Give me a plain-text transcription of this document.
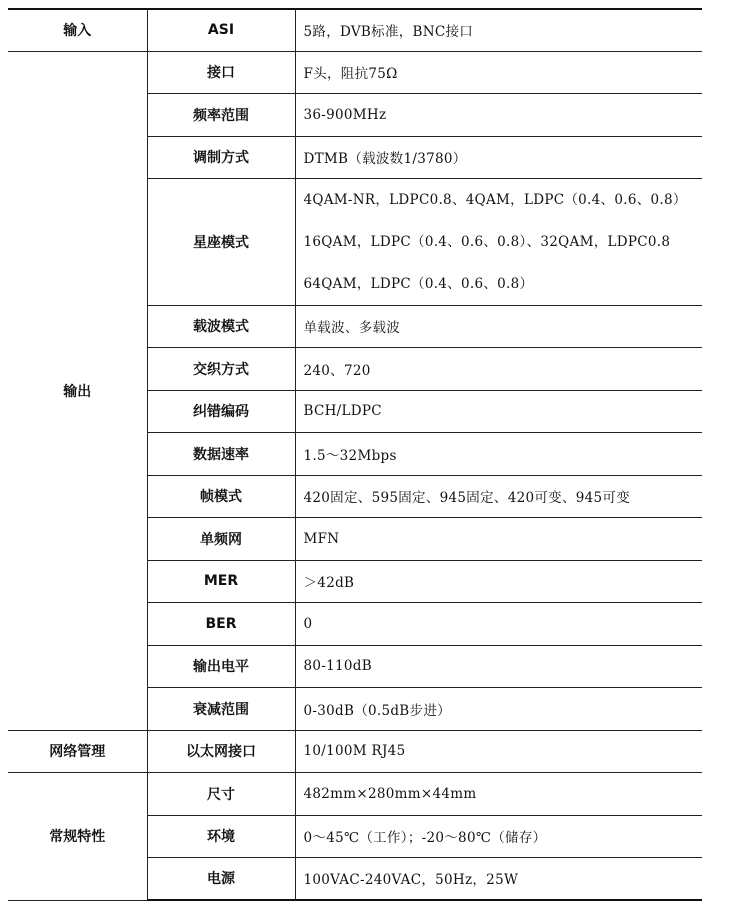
输入	ASI	5路，DVB标准，BNC接口
输出	接口	F头，阻抗75Ω
	频率范围	36-900MHz
	调制方式	DTMB（载波数1/3780）
	星座模式	4QAM-NR，LDPC0.8、4QAM，LDPC（0.4、0.6、0.8）
16QAM，LDPC（0.4、0.6、0.8）、32QAM，LDPC0.8
64QAM，LDPC（0.4、0.6、0.8）

	载波模式	单载波、多载波
	交织方式	240、720
	纠错编码	BCH/LDPC
	数据速率	1.5～32Mbps
	帧模式	420固定、595固定、945固定、420可变、945可变
	单频网	MFN
	MER	＞42dB
	BER	0
	输出电平	80-110dB
	衰减范围	0-30dB（0.5dB步进）
网络管理	以太网接口	10/100M RJ45
常规特性	尺寸	482mm×280mm×44mm
	环境	0～45℃（工作）；-20～80℃（储存）
	电源	100VAC-240VAC，50Hz，25W
